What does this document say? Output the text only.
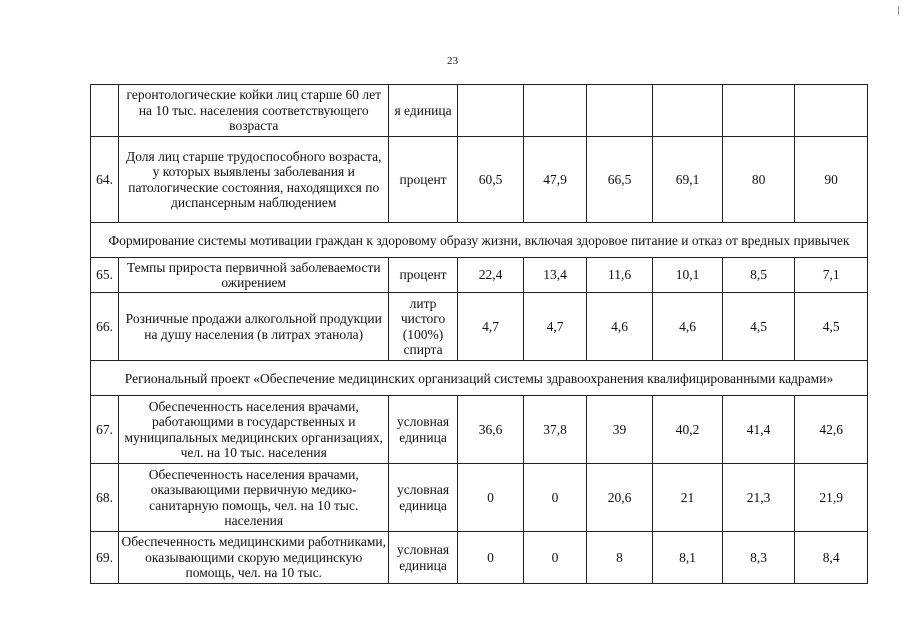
23
	геронтологические койки лиц старше 60 лет на 10 тыс. населения соответствующего возраста	я единица						
64.	Доля лиц старше трудоспособного возраста, у которых выявлены заболевания и патологические состояния, находящихся по диспансерным наблюдением	процент	60,5	47,9	66,5	69,1	80	90
Формирование системы мотивации граждан к здоровому образу жизни, включая здоровое питание и отказ от вредных привычек								
65.	Темпы прироста первичной заболеваемости ожирением	процент	22,4	13,4	11,6	10,1	8,5	7,1
66.	Розничные продажи алкогольной продукции на душу населения (в литрах этанола)	литр чистого (100%) спирта	4,7	4,7	4,6	4,6	4,5	4,5
Региональный проект «Обеспечение медицинских организаций системы здравоохранения квалифицированными кадрами»								
67.	Обеспеченность населения врачами, работающими в государственных и муниципальных медицинских организациях, чел. на 10 тыс. населения	условная единица	36,6	37,8	39	40,2	41,4	42,6
68.	Обеспеченность населения врачами, оказывающими первичную медико-санитарную помощь, чел. на 10 тыс. населения	условная единица	0	0	20,6	21	21,3	21,9
69.	Обеспеченность медицинскими работниками, оказывающими скорую медицинскую помощь, чел. на 10 тыс.	условная единица	0	0	8	8,1	8,3	8,4
